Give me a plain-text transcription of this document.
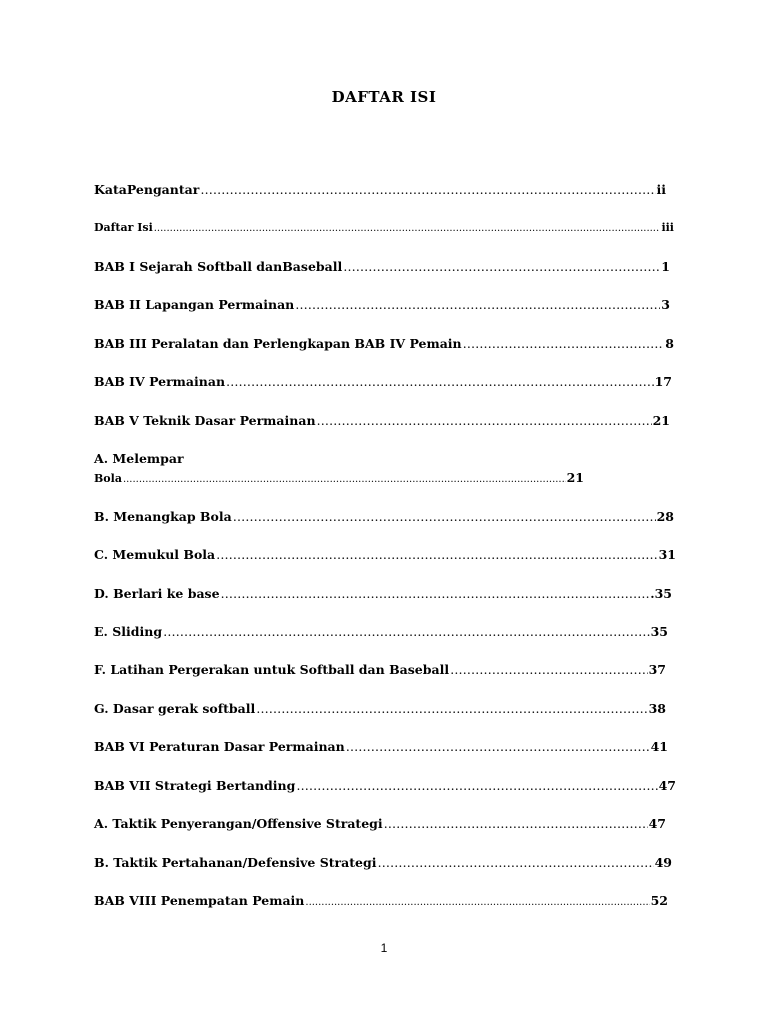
DAFTAR ISI
KataPengantar ……………………………………………………………………………………………………………………………………………………………………………………	ii
Daftar Isi .....	iii
BAB I Sejarah Softball danBaseball ……………………………………………………………………………………………………………………………………………………………………………………	1
BAB II Lapangan Permainan ……………………………………………………………………………………………………………………………………………………………………………………	3
BAB III Peralatan dan Perlengkapan BAB IV Pemain ……………………………………………………………………………………………………………………………………………………………………………………	8
BAB IV Permainan ……………………………………………………………………………………………………………………………………………………………………………………	17
BAB V Teknik Dasar Permainan ……………………………………………………………………………………………………………………………………………………………………………………	21
A. Melempar
Bola .....	21
B. Menangkap Bola ……………………………………………………………………………………………………………………………………………………………………………………	28
C. Memukul Bola ……………………………………………………………………………………………………………………………………………………………………………………	31
D. Berlari ke base ……………………………………………………………………………………………………………………………………………………………………………………	.35
E. Sliding ……………………………………………………………………………………………………………………………………………………………………………………	35
F. Latihan Pergerakan untuk Softball dan Baseball ……………………………………………………………………………………………………………………………………………………………………………………	37
G. Dasar gerak softball ……………………………………………………………………………………………………………………………………………………………………………………	38
BAB VI Peraturan Dasar Permainan ……………………………………………………………………………………………………………………………………………………………………………………	41
BAB VII Strategi Bertanding ……………………………………………………………………………………………………………………………………………………………………………………	47
A. Taktik Penyerangan/Offensive Strategi ……………………………………………………………………………………………………………………………………………………………………………………	47
B. Taktik Pertahanan/Defensive Strategi ……………………………………………………………………………………………………………………………………………………………………………………	49
BAB VIII Penempatan Pemain .....	52
1
